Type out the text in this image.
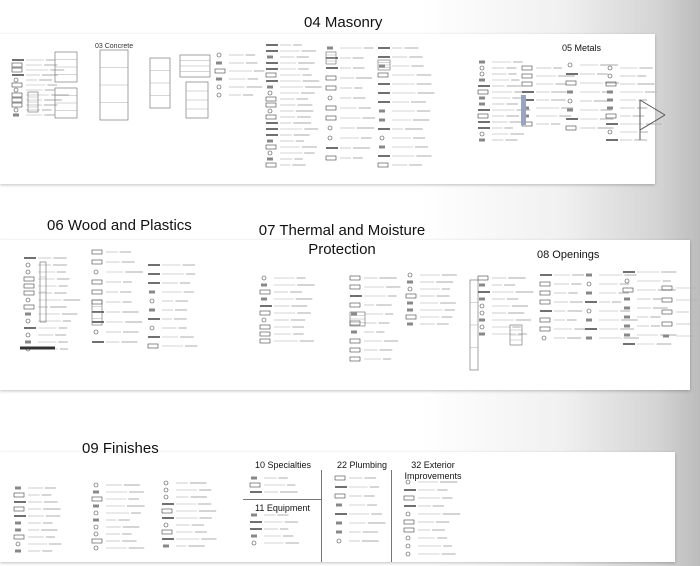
03 Concrete
04 Masonry
05 Metals
06 Wood and Plastics	07 Thermal and Moisture
Protection	08 Openings
09 Finishes
10 Specialties
11 Equipment
22 Plumbing	32 Exterior
Improvements
